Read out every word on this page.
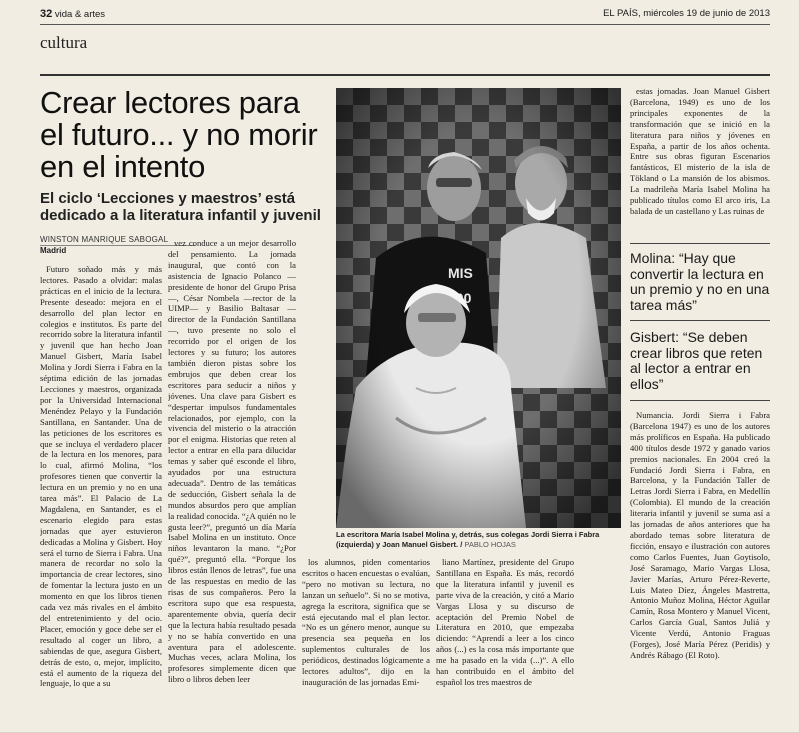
32 vida & artes	EL PAÍS, miércoles 19 de junio de 2013
cultura
Crear lectores para el futuro... y no morir en el intento
El ciclo ‘Lecciones y maestros’ está dedicado a la literatura infantil y juvenil
WINSTON MANRIQUE SABOGAL
Madrid

Futuro soñado más y más lectores. Pasado a olvidar: malas prácticas en el inicio de la lectura. Presente deseado: mejora en el desarrollo del plan lector en colegios e institutos. Es parte del recorrido sobre la literatura infantil y juvenil que han hecho Joan Manuel Gisbert, María Isabel Molina y Jordi Sierra i Fabra en la séptima edición de las jornadas Lecciones y maestros, organizada por la Universidad Internacional Menéndez Pelayo y la Fundación Santillana, en Santander. Una de las peticiones de los escritores es que se incluya el verdadero placer de la lectura en los menores, para lo cual, afirmó Molina, “los profesores tienen que convertir la lectura en un premio y no en una tarea más”. El Palacio de La Magdalena, en Santander, es el escenario elegido para estas jornadas que ayer estuvieron dedicadas a Molina y Gisbert. Hoy será el turno de Sierra i Fabra. Una manera de recordar no solo la importancia de crear lectores, sino de fomentar la lectura justo en un momento en que los libros tienen cada vez más rivales en el ámbito del entretenimiento y del ocio. Placer, emoción y goce debe ser el resultado al coger un libro, a sabiendas de que, asegura Gisbert, detrás de esto, o, mejor, implícito, está el aumento de la riqueza del lenguaje, lo que a su

vez conduce a un mejor desarrollo del pensamiento. La jornada inaugural, que contó con la asistencia de Ignacio Polanco —presidente de honor del Grupo Prisa—, César Nombela —rector de la UIMP— y Basilio Baltasar —director de la Fundación Santillana—, tuvo presente no solo el recorrido por el origen de los lectores y su futuro; los autores también dieron pistas sobre los embrujos que deben crear los escritores para seducir a niños y jóvenes. Una clave para Gisbert es “despertar impulsos fundamentales relacionados, por ejemplo, con la vivencia del misterio o la atracción por el enigma. Historias que reten al lector a entrar en ella para dilucidar temas y saber qué esconde el libro, ayudados por una estructura adecuada”. Dentro de las temáticas de seducción, Gisbert señala la de mundos absurdos pero que amplían la realidad conocida. “¿A quién no le gusta leer?”, preguntó un día María Isabel Molina en un instituto. Once niños levantaron la mano. “¿Por qué?”, preguntó ella. “Porque los libros están llenos de letras”, fue una de las respuestas en medio de las risas de sus compañeros. Pero la escritora supo que esa respuesta, aparentemente obvia, quería decir que la lectura había resultado pesada y no se había convertido en una aventura para el adolescente. Muchas veces, aclara Molina, los profesores simplemente dicen que libro o libros deben leer

La escritora María Isabel Molina y, detrás, sus colegas Jordi Sierra i Fabra (izquierda) y Joan Manuel Gisbert. / PABLO HOJAS

los alumnos, piden comentarios escritos o hacen encuestas o evalúan, “pero no motivan su lectura, no lanzan un señuelo”. Si no se motiva, agrega la escritora, significa que se está ejecutando mal el plan lector. “No es un género menor, aunque su presencia sea pequeña en los suplementos culturales de los periódicos, destinados lógicamente a lectores adultos”, dijo en la inauguración de las jornadas Emi-

liano Martínez, presidente del Grupo Santillana en España. Es más, recordó que la literatura infantil y juvenil es parte viva de la creación, y citó a Mario Vargas Llosa y su discurso de aceptación del Premio Nobel de Literatura en 2010, que empezaba diciendo: “Aprendí a leer a los cinco años (...) es la cosa más importante que me ha pasado en la vida (...)”. A ello han contribuido en el ámbito del español los tres maestros de

estas jornadas. Joan Manuel Gisbert (Barcelona, 1949) es uno de los principales exponentes de la transformación que se inició en la literatura para niños y jóvenes en España, a partir de los años ochenta. Entre sus obras figuran Escenarios fantásticos, El misterio de la isla de Tökland o La mansión de los abismos. La madrileña María Isabel Molina ha publicado títulos como El arco iris, La balada de un castellano y Las ruinas de

Molina: “Hay que convertir la lectura en un premio y no en una tarea más”
Gisbert: “Se deben crear libros que reten al lector a entrar en ellos”

Numancia. Jordi Sierra i Fabra (Barcelona 1947) es uno de los autores más prolíficos en España. Ha publicado 400 títulos desde 1972 y ganado varios premios nacionales. En 2004 creó la Fundació Jordi Sierra i Fabra, en Barcelona, y la Fundación Taller de Letras Jordi Sierra i Fabra, en Medellín (Colombia). El mundo de la creación literaria infantil y juvenil se suma así a las jornadas de años anteriores que ha abordado temas sobre literatura de ficción, ensayo e ilustración con autores como Carlos Fuentes, Juan Goytisolo, José Saramago, Mario Vargas Llosa, Javier Marías, Arturo Pérez-Reverte, Luis Mateo Díez, Ángeles Mastretta, Antonio Muñoz Molina, Héctor Aguilar Camín, Rosa Montero y Manuel Vicent, Carlos García Gual, Santos Juliá y Vicente Verdú, Antonio Fraguas (Forges), José María Pérez (Peridis) y Andrés Rábago (El Roto).
